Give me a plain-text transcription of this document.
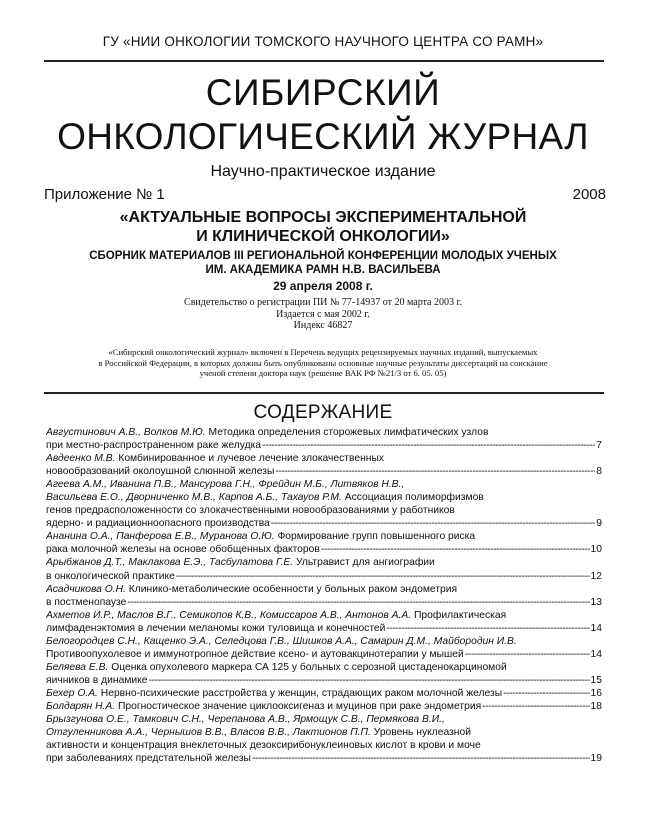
ГУ «НИИ ОНКОЛОГИИ ТОМСКОГО НАУЧНОГО ЦЕНТРА СО РАМН»
СИБИРСКИЙ
ОНКОЛОГИЧЕСКИЙ ЖУРНАЛ
Научно-практическое издание
Приложение № 1	2008
«АКТУАЛЬНЫЕ ВОПРОСЫ ЭКСПЕРИМЕНТАЛЬНОЙ
И КЛИНИЧЕСКОЙ ОНКОЛОГИИ»
СБОРНИК МАТЕРИАЛОВ III РЕГИОНАЛЬНОЙ КОНФЕРЕНЦИИ МОЛОДЫХ УЧЕНЫХ
ИМ. АКАДЕМИКА РАМН Н.В. ВАСИЛЬЕВА
29 апреля 2008 г.
Свидетельство о регистрации ПИ № 77-14937 от 20 марта 2003 г.
Издается с мая 2002 г.
Индекс 46827
«Сибирский онкологический журнал» включен в Перечень ведущих рецензируемых научных изданий, выпускаемых
в Российской Федерации, в которых должны быть опубликованы основные научные результаты диссертаций на соискание
ученой степени доктора наук (решение ВАК РФ №21/3 от 6. 05. 05)
СОДЕРЖАНИЕ
Августинович А.В., Волков М.Ю. Методика определения сторожевых лимфатических узлов
при местно-распространенном раке желудка -----	7
Авдеенко М.В. Комбинированное и лучевое лечение злокачественных
новообразований околоушной слюнной железы -----	8
Агеева А.М., Иванина П.В., Мансурова Г.Н., Фрейдин М.Б., Литвяков Н.В.,
Васильева Е.О., Дворниченко М.В., Карпов А.Б., Тахауов Р.М. Ассоциация полиморфизмов
генов предрасположенности со злокачественными новообразованиями у работников
ядерно- и радиационноопасного производства -----	9
Ананина О.А., Панферова Е.В., Муранова О.Ю. Формирование групп повышенного риска
рака молочной железы на основе обобщенных факторов -----	10
Арыбжанов Д.Т., Маклакова Е.Э., Тасбулатова Г.Е. Ультравист для ангиографии
в онкологической практике -----	12
Асадчикова О.Н. Клинико-метаболические особенности у больных раком эндометрия
в постменопаузе -----	13
Ахметов И.Р., Маслов В.Г., Семикопов К.В., Комиссаров А.В., Антонов А.А. Профилактическая
лимфаденэктомия в лечении меланомы кожи туловища и конечностей -----	14
Белогородцев С.Н., Кащенко Э.А., Селедцова Г.В., Шишков А.А., Самарин Д.М., Майбородин И.В.
Противоопухолевое и иммунотропное действие ксено- и аутовакцинотерапии у мышей -----	14
Беляева Е.В. Оценка опухолевого маркера СА 125 у больных с серозной цистаденокарциномой
яичников в динамике -----	15
Бехер О.А. Нервно-психические расстройства у женщин, страдающих раком молочной железы -----	16
Болдарян Н.А. Прогностическое значение циклооксигеназ и муцинов при раке эндометрия -----	18
Брызгунова О.Е., Тамкович С.Н., Черепанова А.В., Ярмощук С.В., Пермякова В.И.,
Отгуленникова А.А., Чернышов В.В., Власов В.В., Лактионов П.П. Уровень нуклеазной
активности и концентрация внеклеточных дезоксирибонуклеиновых кислот в крови и моче
при заболеваниях предстательной железы -----	19
